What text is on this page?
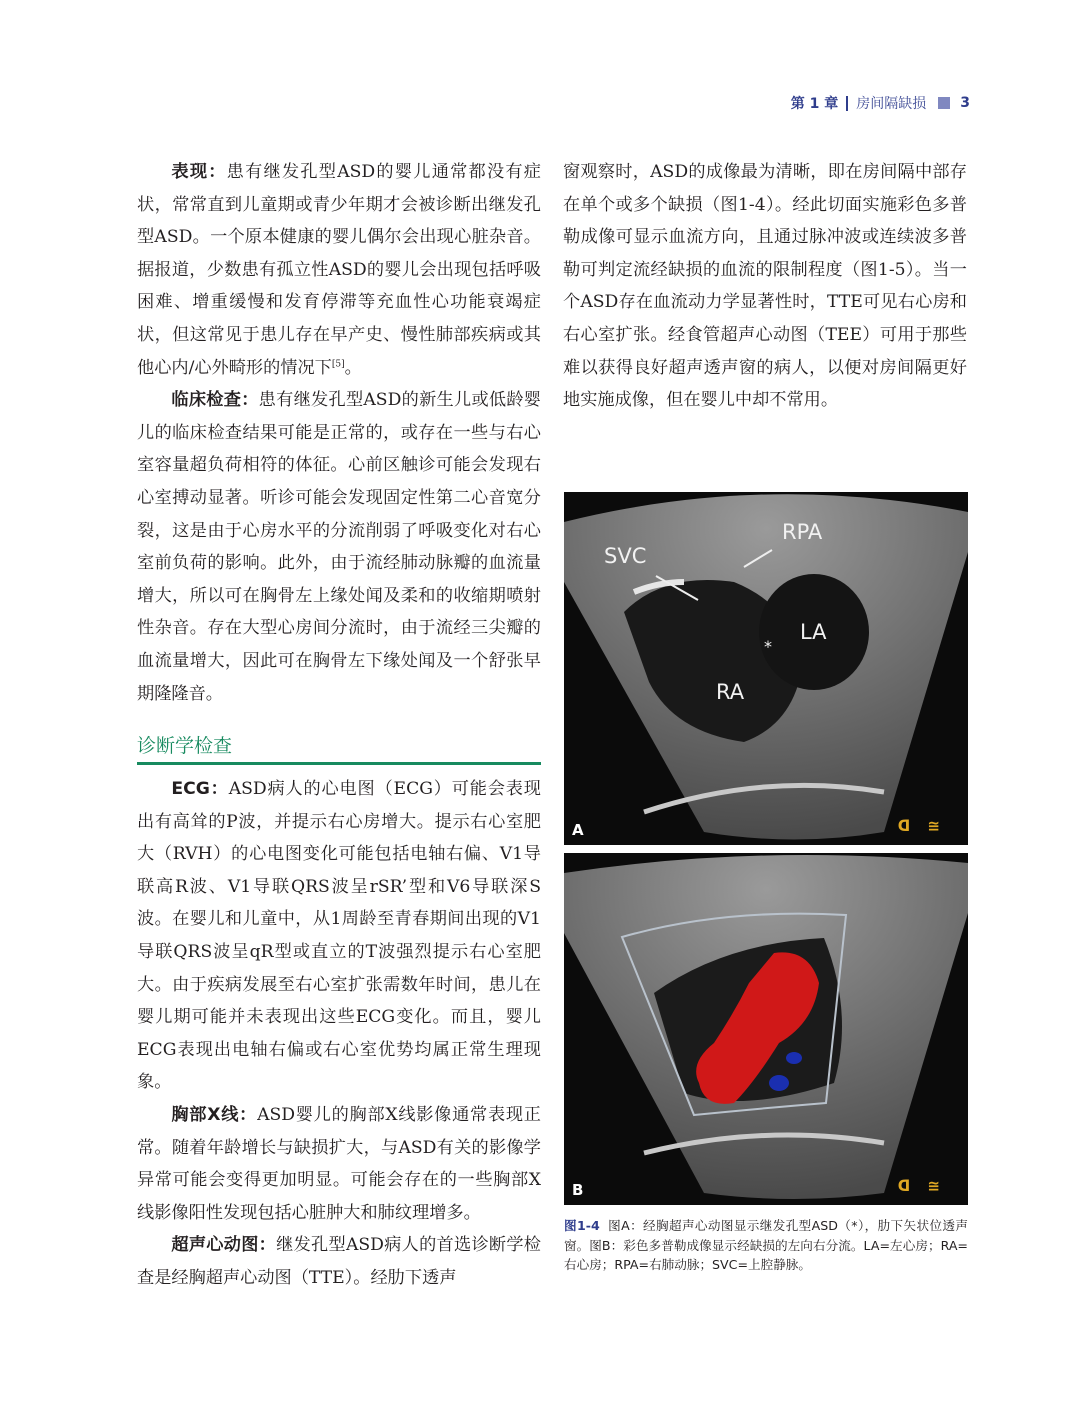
第 1 章 房间隔缺损 3

表现：患有继发孔型ASD的婴儿通常都没有症状，常常直到儿童期或青少年期才会被诊断出继发孔型ASD。一个原本健康的婴儿偶尔会出现心脏杂音。据报道，少数患有孤立性ASD的婴儿会出现包括呼吸困难、增重缓慢和发育停滞等充血性心功能衰竭症状，但这常见于患儿存在早产史、慢性肺部疾病或其他心内/心外畸形的情况下[5]。

临床检查：患有继发孔型ASD的新生儿或低龄婴儿的临床检查结果可能是正常的，或存在一些与右心室容量超负荷相符的体征。心前区触诊可能会发现右心室搏动显著。听诊可能会发现固定性第二心音宽分裂，这是由于心房水平的分流削弱了呼吸变化对右心室前负荷的影响。此外，由于流经肺动脉瓣的血流量增大，所以可在胸骨左上缘处闻及柔和的收缩期喷射性杂音。存在大型心房间分流时，由于流经三尖瓣的血流量增大，因此可在胸骨左下缘处闻及一个舒张早期隆隆音。

诊断学检查

ECG：ASD病人的心电图（ECG）可能会表现出有高耸的P波，并提示右心房增大。提示右心室肥大（RVH）的心电图变化可能包括电轴右偏、V1导联高R波、V1导联QRS波呈rSR’型和V6导联深S波。在婴儿和儿童中，从1周龄至青春期间出现的V1导联QRS波呈qR型或直立的T波强烈提示右心室肥大。由于疾病发展至右心室扩张需数年时间，患儿在婴儿期可能并未表现出这些ECG变化。而且，婴儿ECG表现出电轴右偏或右心室优势均属正常生理现象。

胸部X线：ASD婴儿的胸部X线影像通常表现正常。随着年龄增长与缺损扩大，与ASD有关的影像学异常可能会变得更加明显。可能会存在的一些胸部X线影像阳性发现包括心脏肿大和肺纹理增多。

超声心动图：继发孔型ASD病人的首选诊断学检查是经胸超声心动图（TTE）。经肋下透声

窗观察时，ASD的成像最为清晰，即在房间隔中部存在单个或多个缺损（图1-4）。经此切面实施彩色多普勒成像可显示血流方向，且通过脉冲波或连续波多普勒可判定流经缺损的血流的限制程度（图1-5）。当一个ASD存在血流动力学显著性时，TTE可见右心房和右心室扩张。经食管超声心动图（TEE）可用于那些难以获得良好超声透声窗的病人，以便对房间隔更好地实施成像，但在婴儿中却不常用。

SVC
RPA
LA
RA
*
A	ᗡ ≅
B	ᗡ ≅
图1-4 图A：经胸超声心动图显示继发孔型ASD（*），肋下矢状位透声窗。图B：彩色多普勒成像显示经缺损的左向右分流。LA=左心房；RA=右心房；RPA=右肺动脉；SVC=上腔静脉。
